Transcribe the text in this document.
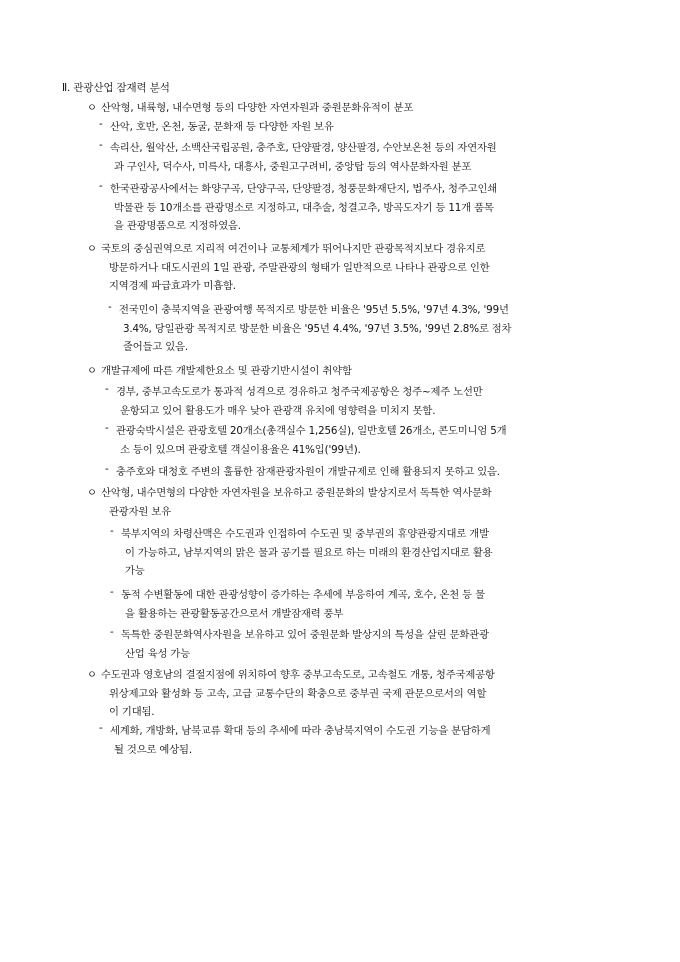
Ⅱ. 관광산업 잠재력 분석
ㅇ 산악형, 내륙형, 내수면형 등의 다양한 자연자원과 중원문화유적이 분포
- 산악, 호반, 온천, 동굴, 문화재 등 다양한 자원 보유
- 속리산, 월악산, 소백산국립공원, 충주호, 단양팔경, 양산팔경, 수안보온천 등의 자연자원
과 구인사, 덕수사, 미륵사, 대흥사, 중원고구려비, 중앙탑 등의 역사문화자원 분포
- 한국관광공사에서는 화양구곡, 단양구곡, 단양팔경, 청풍문화재단지, 법주사, 청주고인쇄
박물관 등 10개소를 관광명소로 지정하고, 대추술, 청결고추, 방곡도자기 등 11개 품목
을 관광명품으로 지정하였음.
ㅇ 국토의 중심권역으로 지리적 여건이나 교통체계가 뛰어나지만 관광목적지보다 경유지로
방문하거나 대도시권의 1일 관광, 주말관광의 형태가 일반적으로 나타나 관광으로 인한
지역경제 파급효과가 미흡함.
- 전국민이 충북지역을 관광여행 목적지로 방문한 비율은 '95년 5.5%, '97년 4.3%, '99년
3.4%, 당일관광 목적지로 방문한 비율은 '95년 4.4%, '97년 3.5%, '99년 2.8%로 점차
줄어들고 있음.
ㅇ 개발규제에 따른 개발제한요소 및 관광기반시설이 취약함
- 경부, 중부고속도로가 통과적 성격으로 경유하고 청주국제공항은 청주~제주 노선만
운항되고 있어 활용도가 매우 낮아 관광객 유치에 영향력을 미치지 못함.
- 관광숙박시설은 관광호텔 20개소(총객실수 1,256실), 일반호텔 26개소, 콘도미니엄 5개
소 등이 있으며 관광호텔 객실이용율은 41%입('99년).
- 충주호와 대청호 주변의 훌륭한 잠재관광자원이 개발규제로 인해 활용되지 못하고 있음.
ㅇ 산악형, 내수면형의 다양한 자연자원을 보유하고 중원문화의 발상지로서 독특한 역사문화
관광자원 보유
- 북부지역의 차령산맥은 수도권과 인접하여 수도권 및 중부권의 휴양관광지대로 개발
이 가능하고, 남부지역의 맑은 물과 공기를 필요로 하는 미래의 환경산업지대로 활용
가능
- 동적 수변활동에 대한 관광성향이 증가하는 추세에 부응하여 계곡, 호수, 온천 등 물
을 활용하는 관광활동공간으로서 개발잠재력 풍부
- 독특한 중원문화역사자원을 보유하고 있어 중원문화 발상지의 특성을 살린 문화관광
산업 육성 가능
ㅇ 수도권과 영호남의 결절지점에 위치하여 향후 중부고속도로, 고속철도 개통, 청주국제공항
위상제고와 활성화 등 고속, 고급 교통수단의 확충으로 중부권 국제 관문으로서의 역할
이 기대됨.
- 세계화, 개방화, 남북교류 확대 등의 추세에 따라 충남북지역이 수도권 기능을 분담하게
될 것으로 예상됨.
